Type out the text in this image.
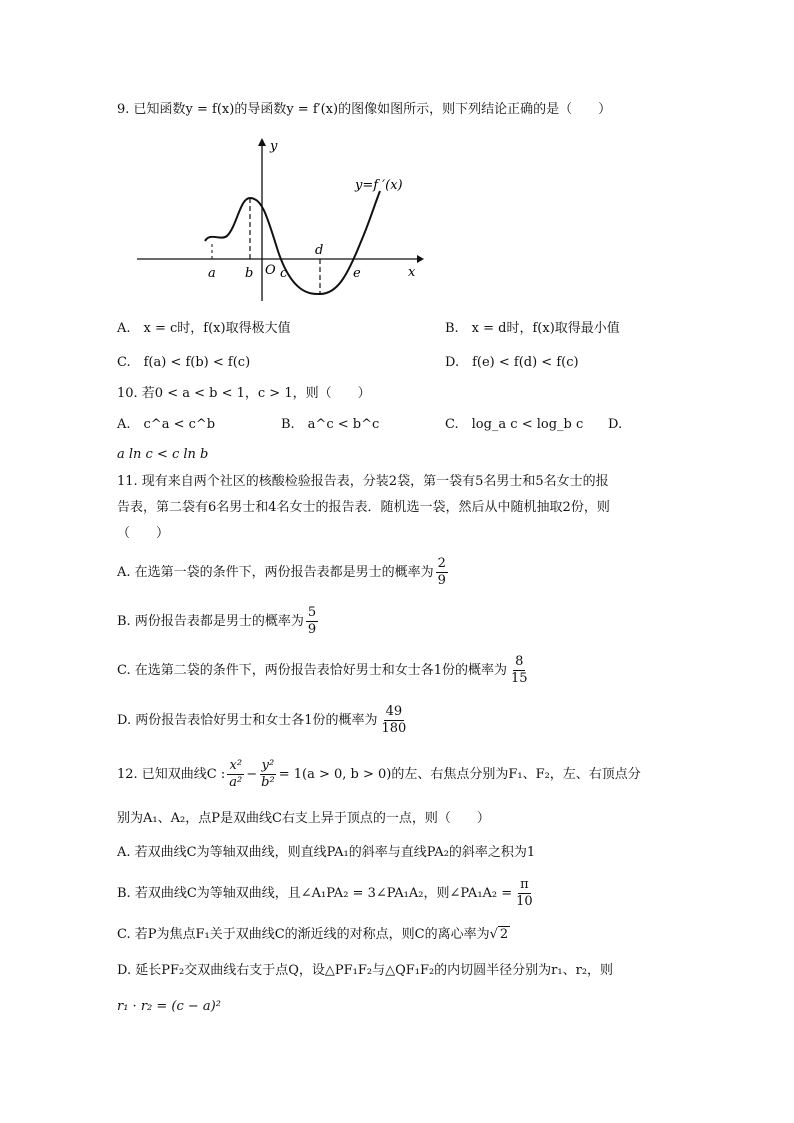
9. 已知函数y = f(x)的导函数y = f′(x)的图像如图所示，则下列结论正确的是（　　）
y
x
y=f ′(x)
a b O c
d
e
A.　x = c时，f(x)取得极大值	B.　x = d时，f(x)取得最小值
C.　f(a) < f(b) < f(c)	D.　f(e) < f(d) < f(c)
10. 若0 < a < b < 1，c > 1，则（　　）
A.　c^a < c^b	B.　a^c < b^c	C.　log_a c < log_b c D.
a ln c < c ln b
11. 现有来自两个社区的核酸检验报告表，分装2袋，第一袋有5名男士和5名女士的报
告表，第二袋有6名男士和4名女士的报告表．随机选一袋，然后从中随机抽取2份，则
（　　）
A. 在选第一袋的条件下，两份报告表都是男士的概率为 $\frac{2}{9}$
B. 两份报告表都是男士的概率为 $\frac{5}{9}$
C. 在选第二袋的条件下，两份报告表恰好男士和女士各1份的概率为 $\frac{8}{15}$
D. 两份报告表恰好男士和女士各1份的概率为 $\frac{49}{180}$
12. 已知双曲线C : $\frac{\text{x²}}{\text{a²}} - \frac{\text{y²}}{\text{b²}} = 1(a > 0$, b > 0)的左、右焦点分别为F₁、F₂，左、右顶点分
别为A₁、A₂，点P是双曲线C右支上异于顶点的一点，则（　　）
A. 若双曲线C为等轴双曲线，则直线PA₁的斜率与直线PA₂的斜率之积为1
B. 若双曲线C为等轴双曲线，且∠A₁PA₂ = 3∠PA₁A₂，则∠PA₁A₂ = $\frac{\pi}{10}$
C. 若P为焦点F₁关于双曲线C的渐近线的对称点，则C的离心率为√ 2
D. 延长PF₂交双曲线右支于点Q，设△PF₁F₂与△QF₁F₂的内切圆半径分别为r₁、r₂，则
r₁ · r₂ = (c − a)²
